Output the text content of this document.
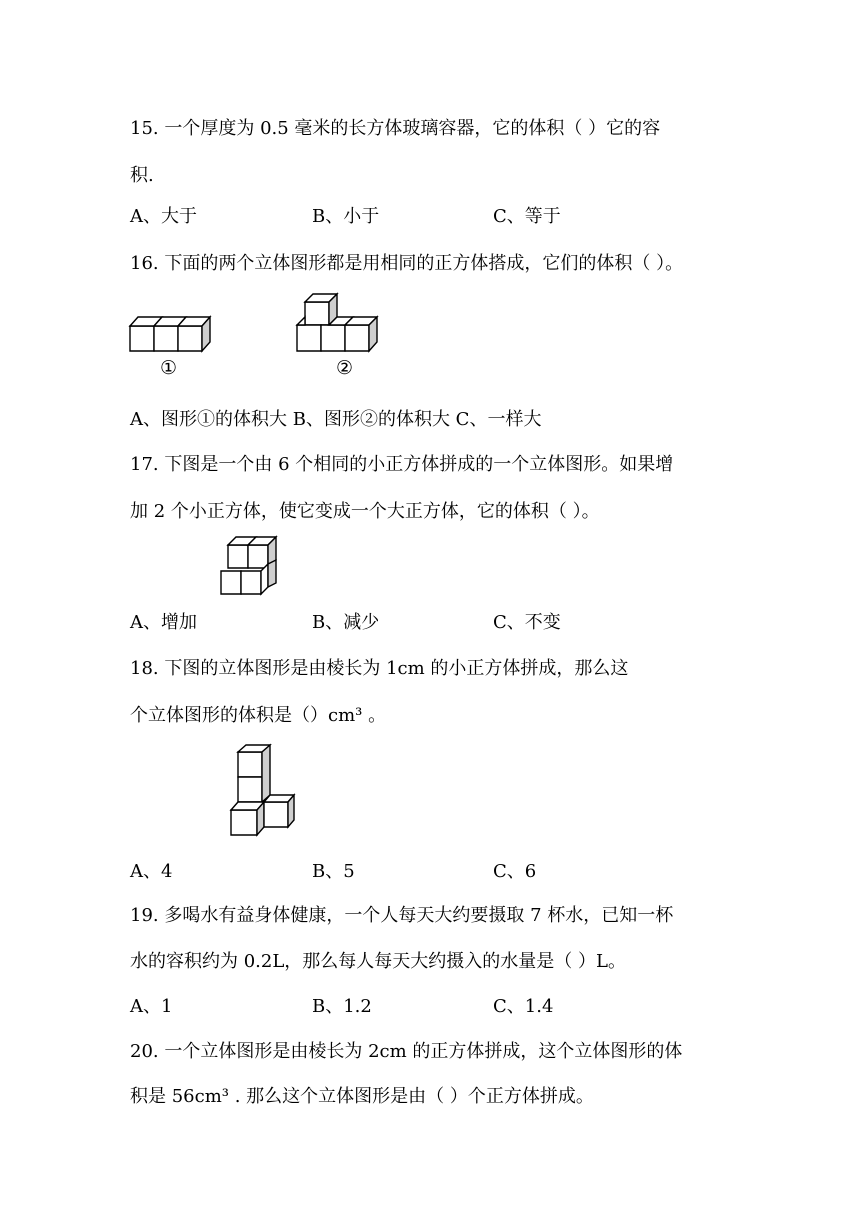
15. 一个厚度为 0.5 毫米的长方体玻璃容器，它的体积（ ）它的容
积.
A、大于	B、小于	C、等于
16. 下面的两个立体图形都是用相同的正方体搭成，它们的体积（ ）。
①	②
A、图形①的体积大 B、图形②的体积大 C、一样大
17. 下图是一个由 6 个相同的小正方体拼成的一个立体图形。如果增
加 2 个小正方体，使它变成一个大正方体，它的体积（ ）。
A、增加	B、减少	C、不变
18. 下图的立体图形是由棱长为 1cm 的小正方体拼成，那么这
个立体图形的体积是（）cm³ 。
A、4	B、5	C、6
19. 多喝水有益身体健康，一个人每天大约要摄取 7 杯水，已知一杯
水的容积约为 0.2L，那么每人每天大约摄入的水量是（ ）L。
A、1	B、1.2	C、1.4
20. 一个立体图形是由棱长为 2cm 的正方体拼成，这个立体图形的体
积是 56cm³ . 那么这个立体图形是由（ ）个正方体拼成。
